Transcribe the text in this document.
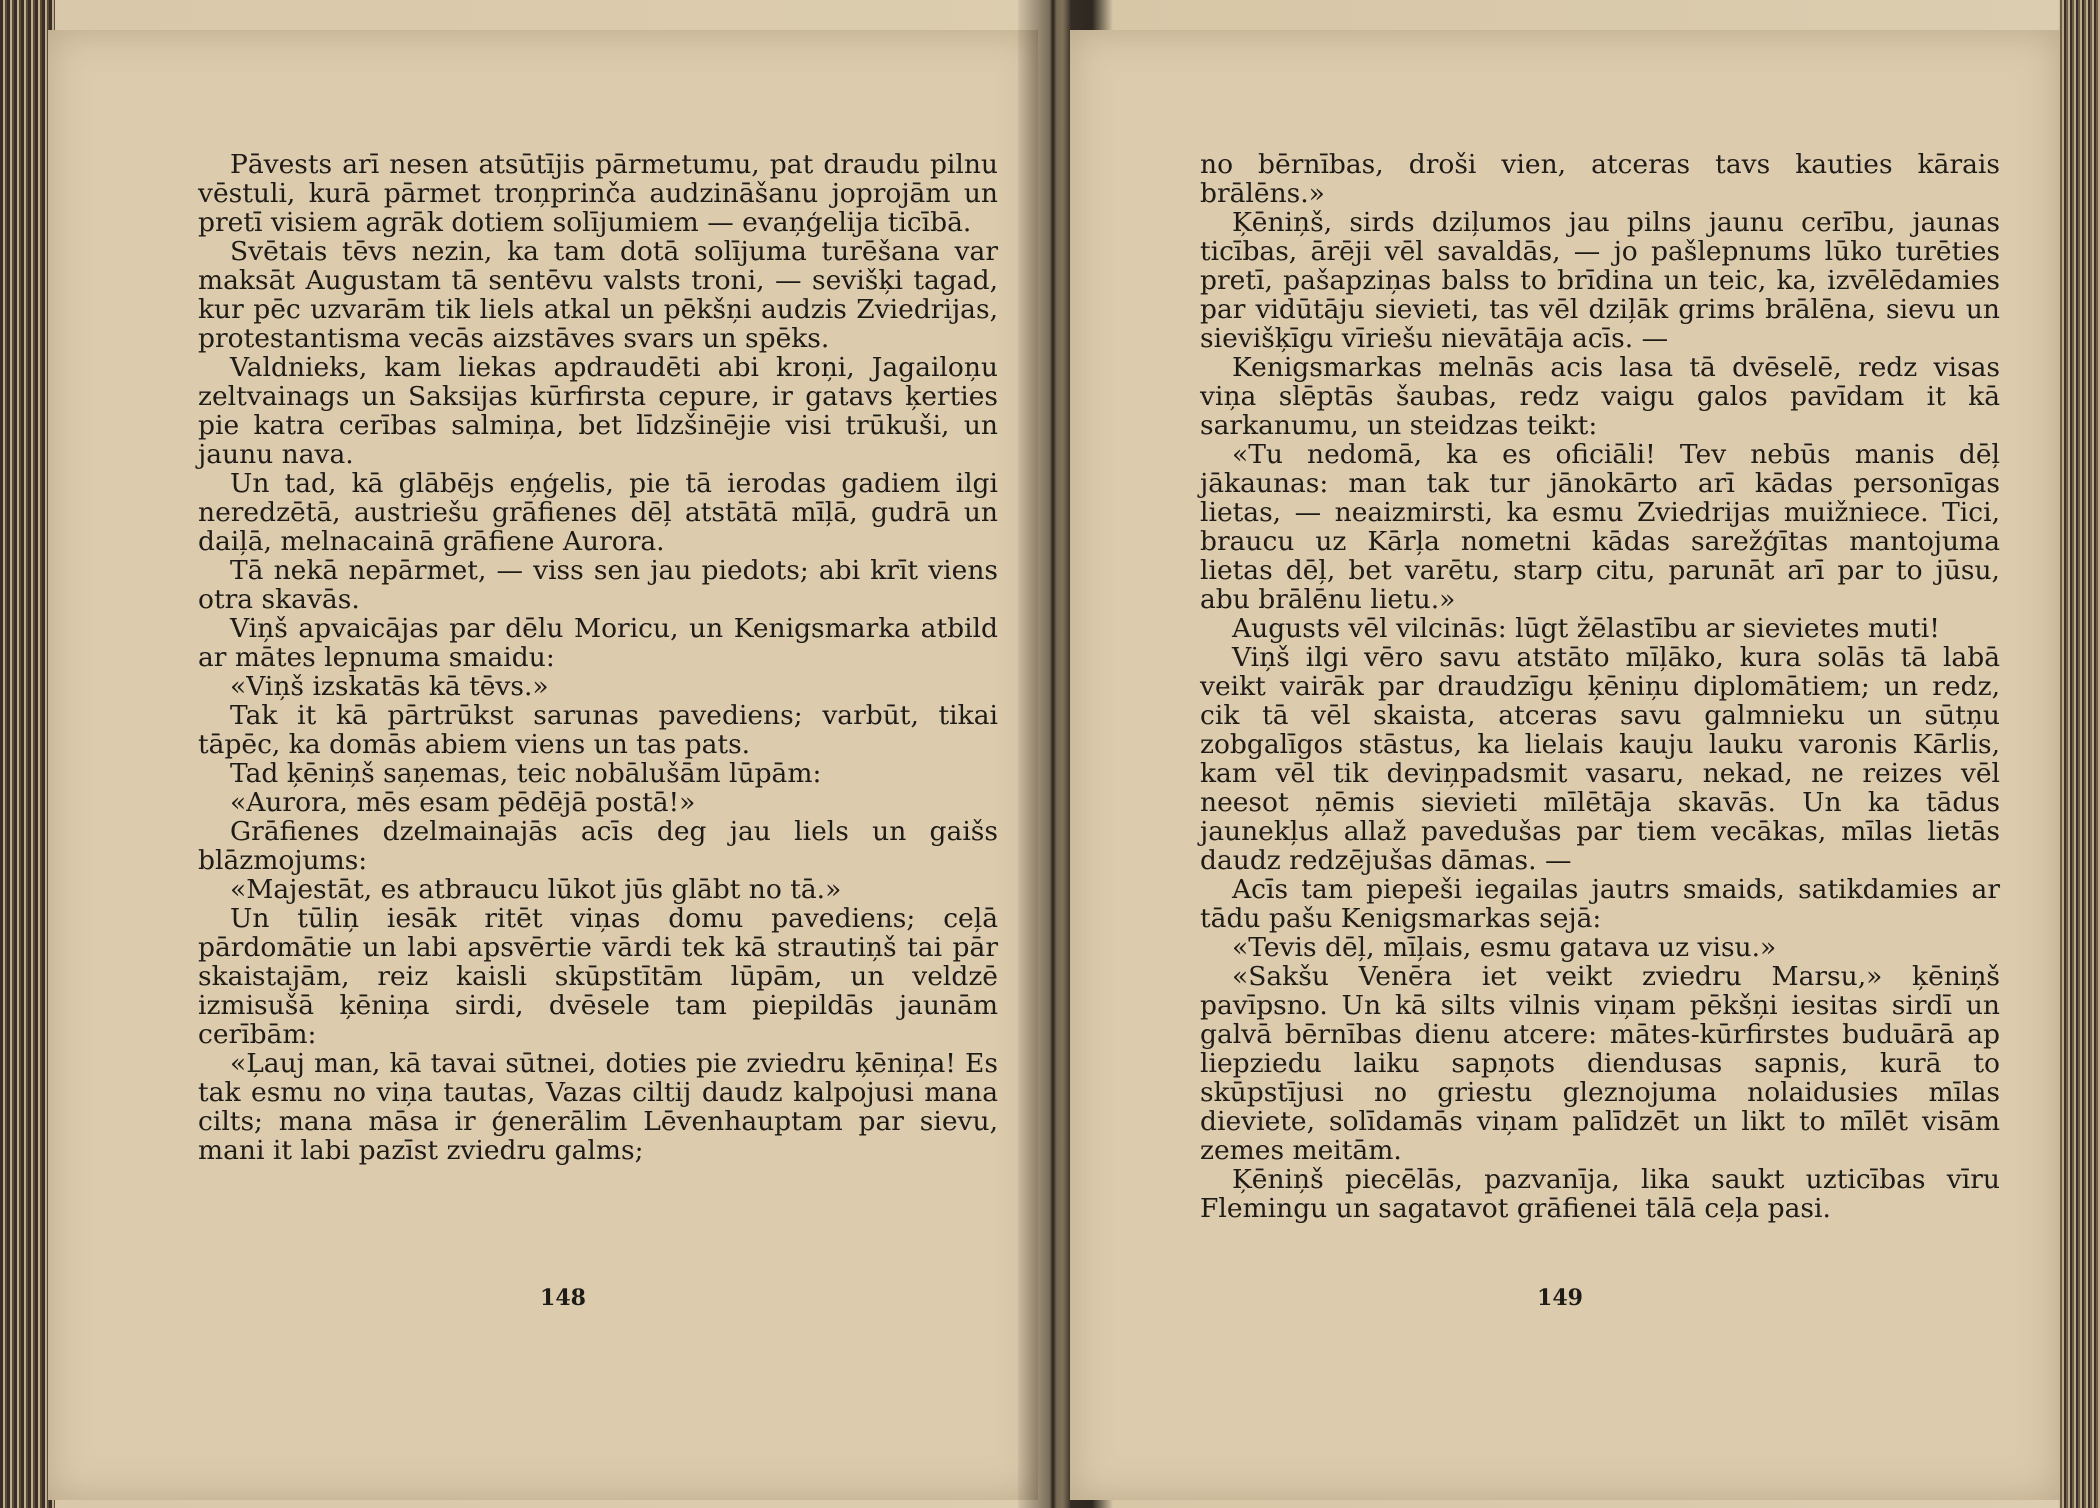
Pāvests arī nesen atsūtījis pārmetumu, pat draudu pilnu vēstuli, kurā pārmet troņprinča audzināšanu joprojām un pretī visiem agrāk dotiem solījumiem — evaņģelija ticībā.

Svētais tēvs nezin, ka tam dotā solījuma turēšana var maksāt Augustam tā sentēvu valsts troni, — sevišķi tagad, kur pēc uzvarām tik liels atkal un pēkšņi audzis Zviedrijas, protestantisma vecās aizstāves svars un spēks.

Valdnieks, kam liekas apdraudēti abi kroņi, Jagailoņu zeltvainags un Saksijas kūrfirsta cepure, ir gatavs ķerties pie katra cerības salmiņa, bet līdzšinējie visi trūkuši, un jaunu nava.

Un tad, kā glābējs eņģelis, pie tā ierodas gadiem ilgi neredzētā, austriešu grāfienes dēļ atstātā mīļā, gudrā un daiļā, melnacainā grāfiene Aurora.

Tā nekā nepārmet, — viss sen jau piedots; abi krīt viens otra skavās.

Viņš apvaicājas par dēlu Moricu, un Kenigsmarka atbild ar mātes lepnuma smaidu:

«Viņš izskatās kā tēvs.»

Tak it kā pārtrūkst sarunas pavediens; varbūt, tikai tāpēc, ka domās abiem viens un tas pats.

Tad ķēniņš saņemas, teic nobālušām lūpām:

«Aurora, mēs esam pēdējā postā!»

Grāfienes dzelmainajās acīs deg jau liels un gaišs blāzmojums:

«Majestāt, es atbraucu lūkot jūs glābt no tā.»

Un tūliņ iesāk ritēt viņas domu pavediens; ceļā pārdomātie un labi apsvērtie vārdi tek kā strautiņš tai pār skaistajām, reiz kaisli skūpstītām lūpām, un veldzē izmisušā ķēniņa sirdi, dvēsele tam piepildās jaunām cerībām:

«Ļauj man, kā tavai sūtnei, doties pie zviedru ķēniņa! Es tak esmu no viņa tautas, Vazas ciltij daudz kalpojusi mana cilts; mana māsa ir ģenerālim Lēvenhauptam par sievu, mani it labi pazīst zviedru galms;

148

no bērnības, droši vien, atceras tavs kauties kārais brālēns.»

Ķēniņš, sirds dziļumos jau pilns jaunu cerību, jaunas ticības, ārēji vēl savaldās, — jo pašlepnums lūko turēties pretī, pašapziņas balss to brīdina un teic, ka, izvēlēdamies par vidūtāju sievieti, tas vēl dziļāk grims brālēna, sievu un sievišķīgu vīriešu nievātāja acīs. —

Kenigsmarkas melnās acis lasa tā dvēselē, redz visas viņa slēptās šaubas, redz vaigu galos pavīdam it kā sarkanumu, un steidzas teikt:

«Tu nedomā, ka es oficiāli! Tev nebūs manis dēļ jākaunas: man tak tur jānokārto arī kādas personīgas lietas, — neaizmirsti, ka esmu Zviedrijas muižniece. Tici, braucu uz Kārļa nometni kādas sarežģītas mantojuma lietas dēļ, bet varētu, starp citu, parunāt arī par to jūsu, abu brālēnu lietu.»

Augusts vēl vilcinās: lūgt žēlastību ar sievietes muti!

Viņš ilgi vēro savu atstāto mīļāko, kura solās tā labā veikt vairāk par draudzīgu ķēniņu diplomātiem; un redz, cik tā vēl skaista, atceras savu galmnieku un sūtņu zobgalīgos stāstus, ka lielais kauju lauku varonis Kārlis, kam vēl tik deviņpadsmit vasaru, nekad, ne reizes vēl neesot ņēmis sievieti mīlētāja skavās. Un ka tādus jaunekļus allaž pavedušas par tiem vecākas, mīlas lietās daudz redzējušas dāmas. —

Acīs tam piepeši iegailas jautrs smaids, satikdamies ar tādu pašu Kenigsmarkas sejā:

«Tevis dēļ, mīļais, esmu gatava uz visu.»

«Sakšu Venēra iet veikt zviedru Marsu,» ķēniņš pavīpsno. Un kā silts vilnis viņam pēkšņi iesitas sirdī un galvā bērnības dienu atcere: mātes-kūrfirstes buduārā ap liepziedu laiku sapņots diendusas sapnis, kurā to skūpstījusi no griestu gleznojuma nolaidusies mīlas dieviete, solīdamās viņam palīdzēt un likt to mīlēt visām zemes meitām.

Ķēniņš piecēlās, pazvanīja, lika saukt uzticības vīru Flemingu un sagatavot grāfienei tālā ceļa pasi.

149
